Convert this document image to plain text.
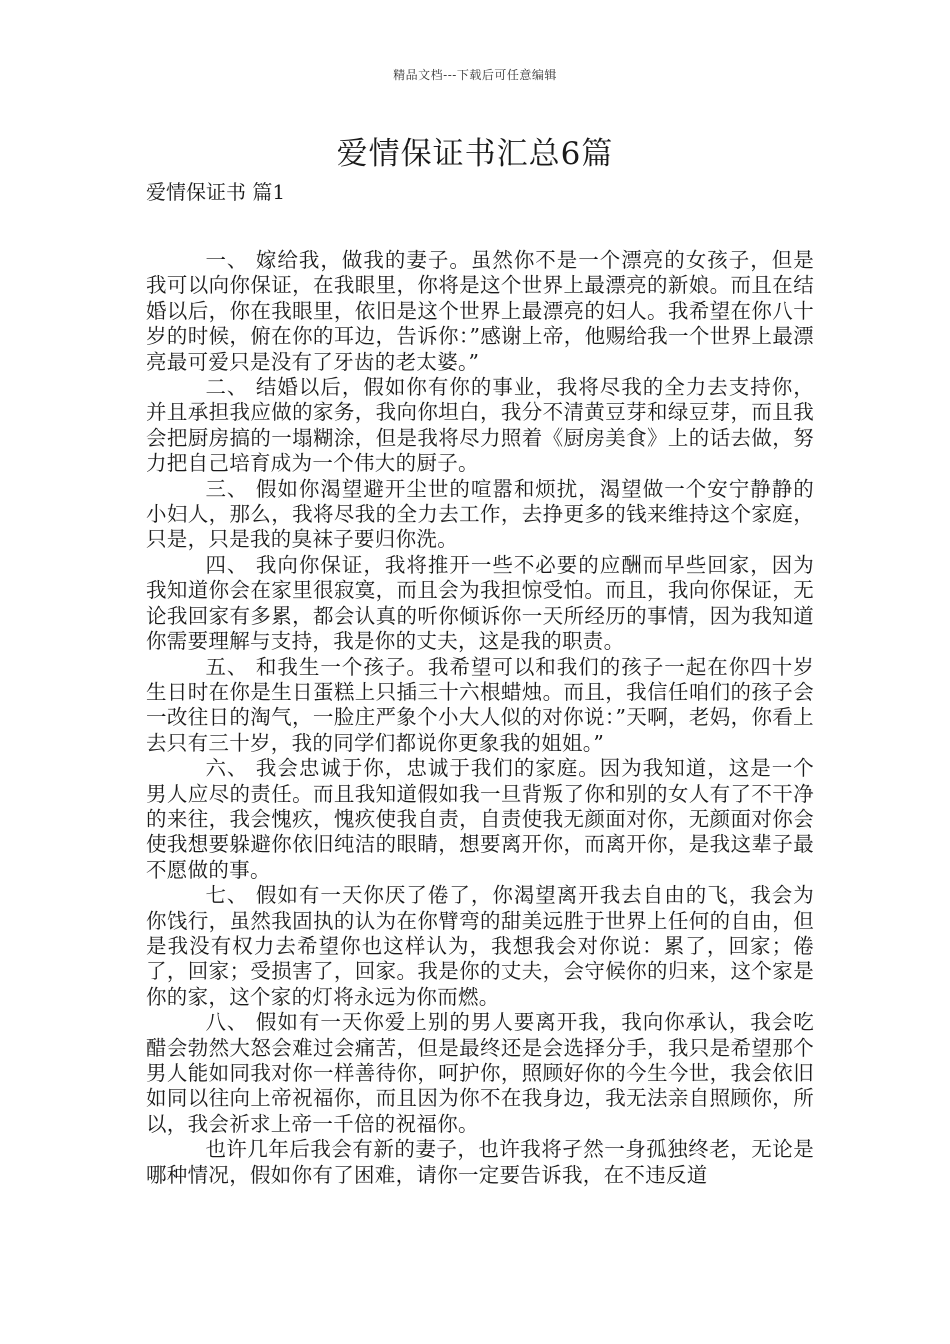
精品文档---下载后可任意编辑
爱情保证书汇总6篇
爱情保证书 篇1

一、 嫁给我，做我的妻子。虽然你不是一个漂亮的女孩子，但是我可以向你保证，在我眼里，你将是这个世界上最漂亮的新娘。而且在结婚以后，你在我眼里，依旧是这个世界上最漂亮的妇人。我希望在你八十岁的时候，俯在你的耳边，告诉你：”感谢上帝，他赐给我一个世界上最漂亮最可爱只是没有了牙齿的老太婆。”

二、 结婚以后，假如你有你的事业，我将尽我的全力去支持你，并且承担我应做的家务，我向你坦白，我分不清黄豆芽和绿豆芽，而且我会把厨房搞的一塌糊涂，但是我将尽力照着《厨房美食》上的话去做，努力把自己培育成为一个伟大的厨子。

三、 假如你渴望避开尘世的喧嚣和烦扰，渴望做一个安宁静静的小妇人，那么，我将尽我的全力去工作，去挣更多的钱来维持这个家庭，只是，只是我的臭袜子要归你洗。

四、 我向你保证，我将推开一些不必要的应酬而早些回家，因为我知道你会在家里很寂寞，而且会为我担惊受怕。而且，我向你保证，无论我回家有多累，都会认真的听你倾诉你一天所经历的事情，因为我知道你需要理解与支持，我是你的丈夫，这是我的职责。

五、 和我生一个孩子。我希望可以和我们的孩子一起在你四十岁生日时在你是生日蛋糕上只插三十六根蜡烛。而且，我信任咱们的孩子会一改往日的淘气，一脸庄严象个小大人似的对你说：”天啊，老妈，你看上去只有三十岁，我的同学们都说你更象我的姐姐。”

六、 我会忠诚于你，忠诚于我们的家庭。因为我知道，这是一个男人应尽的责任。而且我知道假如我一旦背叛了你和别的女人有了不干净的来往，我会愧疚，愧疚使我自责，自责使我无颜面对你，无颜面对你会使我想要躲避你依旧纯洁的眼睛，想要离开你，而离开你，是我这辈子最不愿做的事。

七、 假如有一天你厌了倦了，你渴望离开我去自由的飞，我会为你饯行，虽然我固执的认为在你臂弯的甜美远胜于世界上任何的自由，但是我没有权力去希望你也这样认为，我想我会对你说：累了，回家；倦了，回家；受损害了，回家。我是你的丈夫，会守候你的归来，这个家是你的家，这个家的灯将永远为你而燃。

八、 假如有一天你爱上别的男人要离开我，我向你承认，我会吃醋会勃然大怒会难过会痛苦，但是最终还是会选择分手，我只是希望那个男人能如同我对你一样善待你，呵护你，照顾好你的今生今世，我会依旧如同以往向上帝祝福你，而且因为你不在我身边，我无法亲自照顾你，所以，我会祈求上帝一千倍的祝福你。

也许几年后我会有新的妻子，也许我将孑然一身孤独终老，无论是哪种情况，假如你有了困难，请你一定要告诉我，在不违反道
